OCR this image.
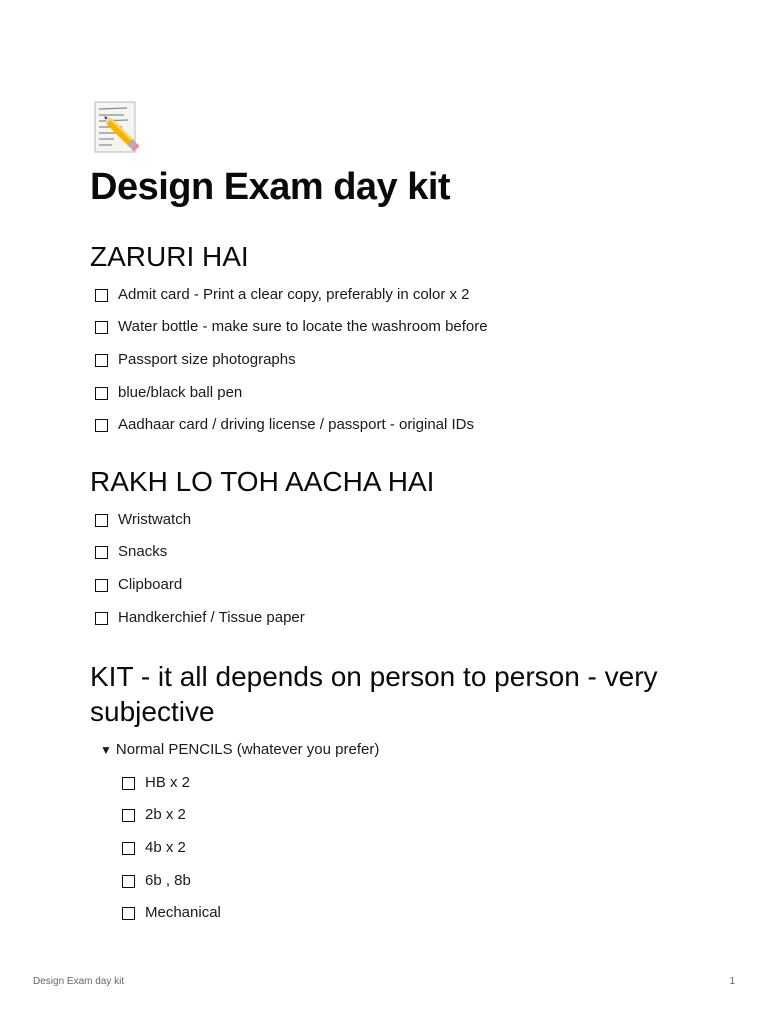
Design Exam day kit
ZARURI HAI
Admit card - Print a clear copy, preferably in color x 2
Water bottle - make sure to locate the washroom before
Passport size photographs
blue/black ball pen
Aadhaar card / driving license / passport - original IDs
RAKH LO TOH AACHA HAI
Wristwatch
Snacks
Clipboard
Handkerchief / Tissue paper
KIT - it all depends on person to person - very subjective
▼ Normal PENCILS (whatever you prefer)
HB x 2
2b x 2
4b x 2
6b , 8b
Mechanical
Design Exam day kit	1
